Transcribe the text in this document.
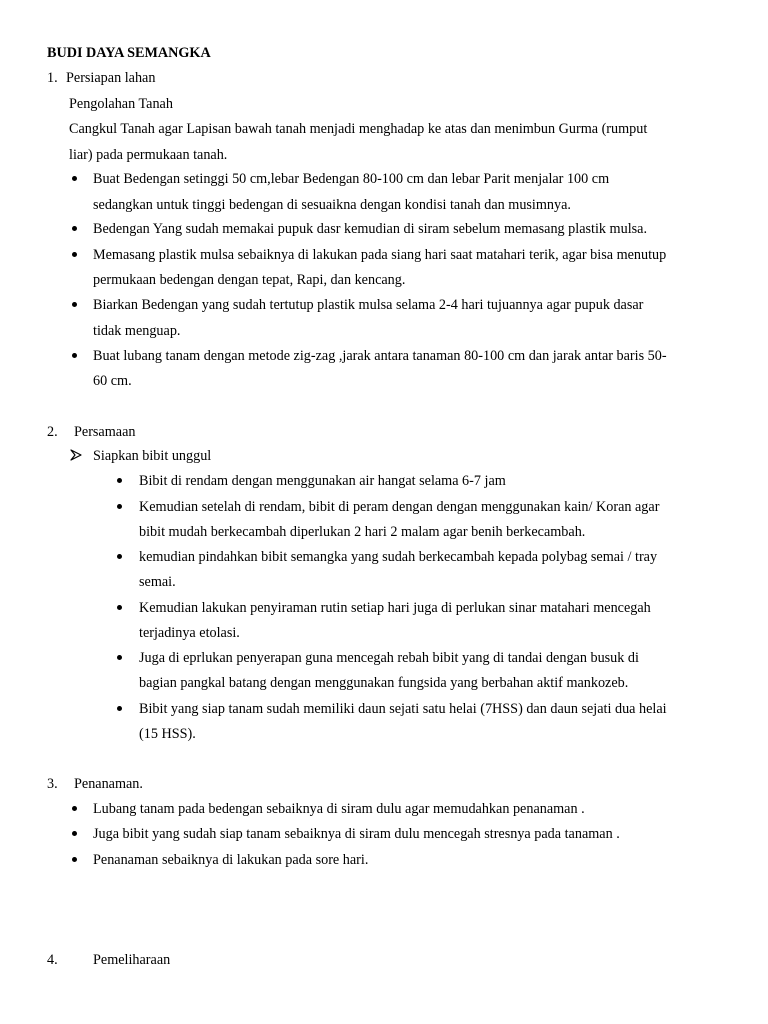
BUDI DAYA SEMANGKA
1. Persiapan lahan
Pengolahan Tanah
Cangkul Tanah agar Lapisan bawah tanah menjadi menghadap ke atas dan menimbun Gurma (rumput
liar) pada permukaan tanah.
Buat Bedengan setinggi 50 cm,lebar Bedengan 80-100 cm dan lebar Parit menjalar 100 cm
sedangkan untuk tinggi bedengan di sesuaikna dengan kondisi tanah dan musimnya.
Bedengan Yang sudah memakai pupuk dasr kemudian di siram sebelum memasang plastik mulsa.
Memasang plastik mulsa sebaiknya di lakukan pada siang hari saat matahari terik, agar bisa menutup
permukaan bedengan dengan tepat, Rapi, dan kencang.
Biarkan Bedengan yang sudah tertutup plastik mulsa selama 2-4 hari tujuannya agar pupuk dasar
tidak menguap.
Buat lubang tanam dengan metode zig-zag ,jarak antara tanaman 80-100 cm dan jarak antar baris 50-
60 cm.
2. Persamaan
Siapkan bibit unggul
Bibit di rendam dengan menggunakan air hangat selama 6-7 jam
Kemudian setelah di rendam, bibit di peram dengan dengan menggunakan kain/ Koran agar
bibit mudah berkecambah diperlukan 2 hari 2 malam agar benih berkecambah.
kemudian pindahkan bibit semangka yang sudah berkecambah kepada polybag semai / tray
semai.
Kemudian lakukan penyiraman rutin setiap hari juga di perlukan sinar matahari mencegah
terjadinya etolasi.
Juga di eprlukan penyerapan guna mencegah rebah bibit yang di tandai dengan busuk di
bagian pangkal batang dengan menggunakan fungsida yang berbahan aktif mankozeb.
Bibit yang siap tanam sudah memiliki daun sejati satu helai (7HSS) dan daun sejati dua helai
(15 HSS).
3. Penanaman.
Lubang tanam pada bedengan sebaiknya di siram dulu agar memudahkan penanaman .
Juga bibit yang sudah siap tanam sebaiknya di siram dulu mencegah stresnya pada tanaman .
Penanaman sebaiknya di lakukan pada sore hari.
4. Pemeliharaan
